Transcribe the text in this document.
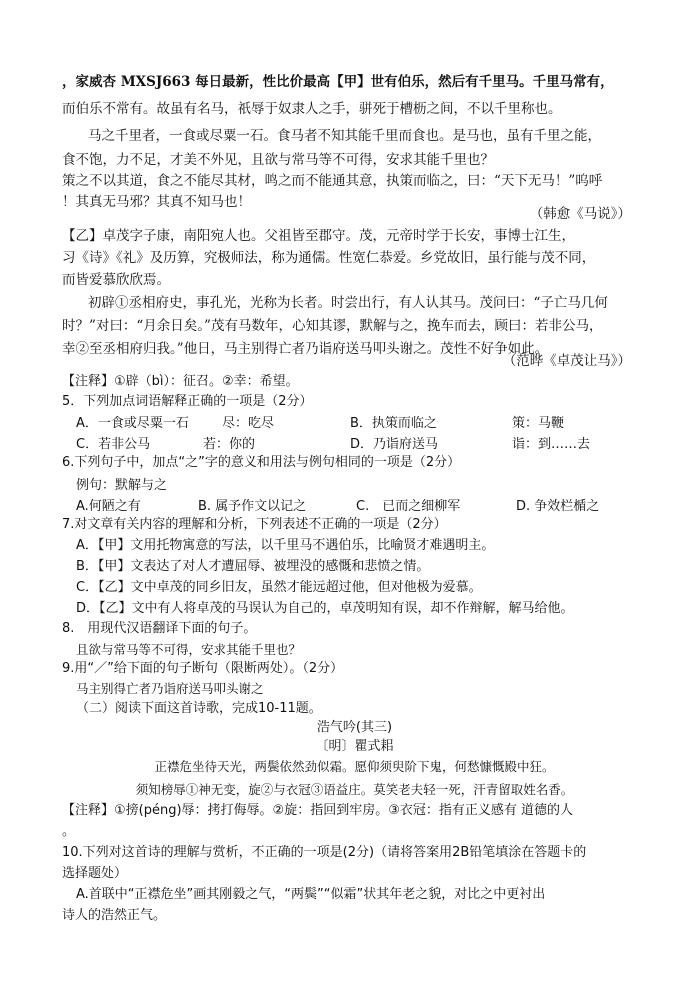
，家威杏 MXSJ663 每日最新，性比价最高【甲】世有伯乐，然后有千里马。千里马常有，
而伯乐不常有。故虽有名马，祇辱于奴隶人之手，骈死于槽枥之间，不以千里称也。
马之千里者，一食或尽粟一石。食马者不知其能千里而食也。是马也，虽有千里之能，
食不饱，力不足，才美不外见，且欲与常马等不可得，安求其能千里也？
策之不以其道，食之不能尽其材，鸣之而不能通其意，执策而临之，曰：“天下无马！”呜呼
！其真无马邪？其真不知马也！
（韩愈《马说》）
【乙】卓茂字子康，南阳宛人也。父祖皆至郡守。茂，元帝时学于长安，事博士江生，
习《诗》《礼》及历算，究极师法，称为通儒。性宽仁恭爱。乡党故旧，虽行能与茂不同，
而皆爱慕欣欣焉。
初辟①丞相府史，事孔光，光称为长者。时尝出行，有人认其马。茂问曰：“子亡马几何
时？”对曰：“月余日矣。”茂有马数年，心知其谬，默解与之，挽车而去，顾曰：若非公马，
幸②至丞相府归我。”他日，马主别得亡者乃诣府送马叩头谢之。茂性不好争如此。
（范晔《卓茂让马》）
【注释】①辟（bì）：征召。②幸：希望。
5．下列加点词语解释正确的一项是（2分）
A．一食或尽粟一石	尽：吃尽	B．执策而临之	策：马鞭
C．若非公马	若：你的	D．乃诣府送马	诣：到……去
6.下列句子中，加点“之”字的意义和用法与例句相同的一项是（2分）
例句：默解与之
A.何陋之有	B. 属予作文以记之	C.　已而之细柳军	D. 争效栏楯之
7.对文章有关内容的理解和分析，下列表述不正确的一项是（2分）
A．【甲】文用托物寓意的写法，以千里马不遇伯乐，比喻贤才难遇明主。
B．【甲】文表达了对人才遭屈辱、被埋没的感慨和悲愤之情。
C．【乙】文中卓茂的同乡旧友，虽然才能远超过他，但对他极为爱慕。
D．【乙】文中有人将卓茂的马误认为自己的，卓茂明知有误，却不作辩解，解马给他。
8.　用现代汉语翻译下面的句子。
且欲与常马等不可得，安求其能千里也？
9.用“／”给下面的句子断句（限断两处）。（2分）
马主别得亡者乃诣府送马叩头谢之
（二）阅读下面这首诗歌，完成10-11题。
浩气吟(其三)
〔明〕瞿式耜
正襟危坐待天光，两鬓依然劲似霜。愿仰须臾阶下鬼，何愁慷慨殿中狂。
须知榜辱①神无变，旋②与衣冠③语益庄。莫笑老夫轻一死，汗青留取姓名香。
【注释】①搒(péng)辱：拷打侮辱。②旋：指回到牢房。③衣冠：指有正义感有 道德的人
。
10.下列对这首诗的理解与赏析，不正确的一项是(2分)（请将答案用2B铅笔填涂在答题卡的
选择题处）
A.首联中“正襟危坐”画其刚毅之气，“两鬓”“似霜”状其年老之貌，对比之中更衬出
诗人的浩然正气。
